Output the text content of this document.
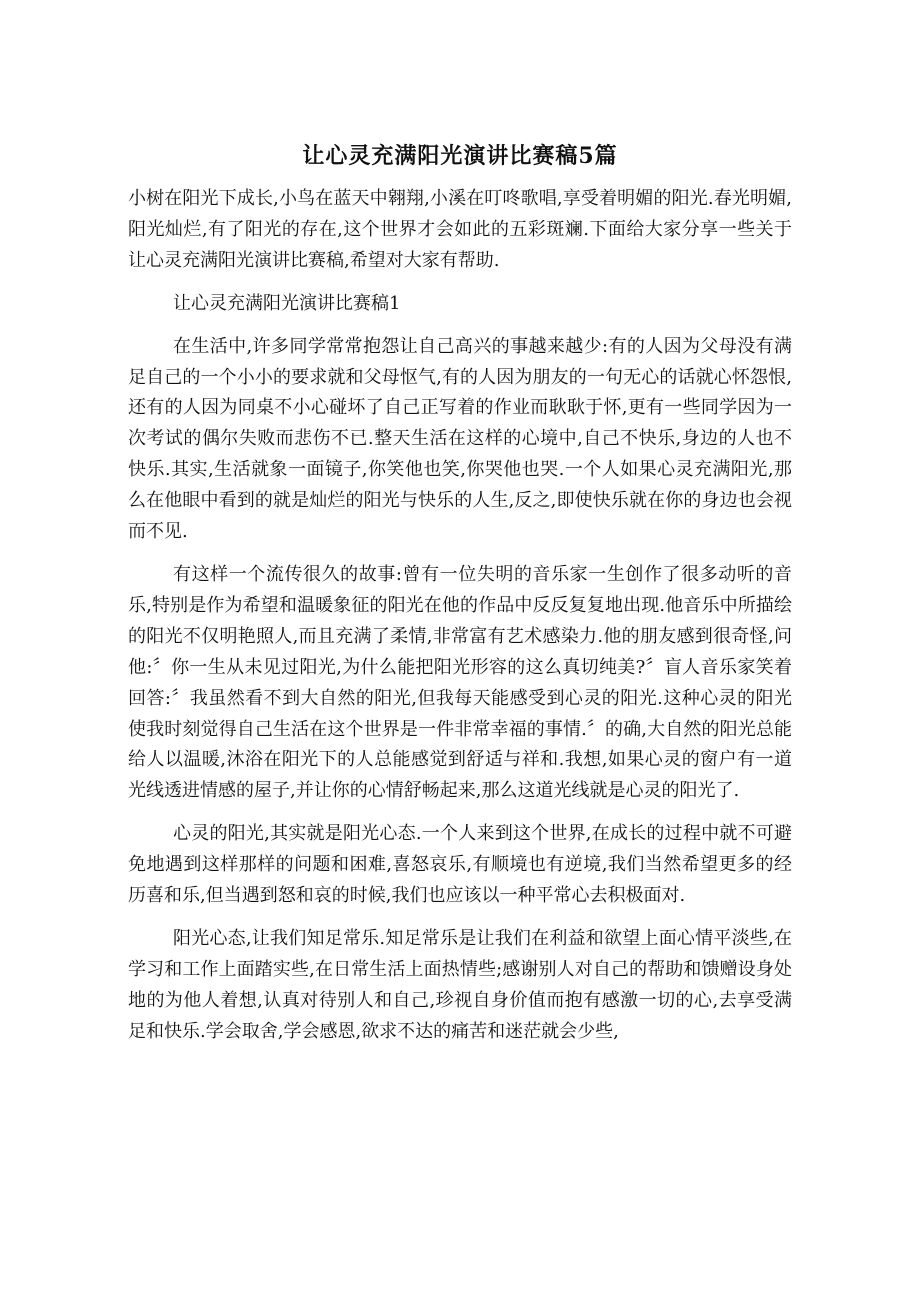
让心灵充满阳光演讲比赛稿5篇

小树在阳光下成长,小鸟在蓝天中翱翔,小溪在叮咚歌唱,享受着明媚的阳光.春光明媚,阳光灿烂,有了阳光的存在,这个世界才会如此的五彩斑斓.下面给大家分享一些关于让心灵充满阳光演讲比赛稿,希望对大家有帮助.

让心灵充满阳光演讲比赛稿1

在生活中,许多同学常常抱怨让自己高兴的事越来越少:有的人因为父母没有满足自己的一个小小的要求就和父母怄气,有的人因为朋友的一句无心的话就心怀怨恨,还有的人因为同桌不小心碰坏了自己正写着的作业而耿耿于怀,更有一些同学因为一次考试的偶尔失败而悲伤不已.整天生活在这样的心境中,自己不快乐,身边的人也不快乐.其实,生活就象一面镜子,你笑他也笑,你哭他也哭.一个人如果心灵充满阳光,那么在他眼中看到的就是灿烂的阳光与快乐的人生,反之,即使快乐就在你的身边也会视而不见.

有这样一个流传很久的故事:曾有一位失明的音乐家一生创作了很多动听的音乐,特别是作为希望和温暖象征的阳光在他的作品中反反复复地出现.他音乐中所描绘的阳光不仅明艳照人,而且充满了柔情,非常富有艺术感染力.他的朋友感到很奇怪,问他:〞你一生从未见过阳光,为什么能把阳光形容的这么真切纯美?〞盲人音乐家笑着回答:〞我虽然看不到大自然的阳光,但我每天能感受到心灵的阳光.这种心灵的阳光使我时刻觉得自己生活在这个世界是一件非常幸福的事情.〞的确,大自然的阳光总能给人以温暖,沐浴在阳光下的人总能感觉到舒适与祥和.我想,如果心灵的窗户有一道光线透进情感的屋子,并让你的心情舒畅起来,那么这道光线就是心灵的阳光了.

心灵的阳光,其实就是阳光心态.一个人来到这个世界,在成长的过程中就不可避免地遇到这样那样的问题和困难,喜怒哀乐,有顺境也有逆境,我们当然希望更多的经历喜和乐,但当遇到怒和哀的时候,我们也应该以一种平常心去积极面对.

阳光心态,让我们知足常乐.知足常乐是让我们在利益和欲望上面心情平淡些,在学习和工作上面踏实些,在日常生活上面热情些;感谢别人对自己的帮助和馈赠设身处地的为他人着想,认真对待别人和自己,珍视自身价值而抱有感激一切的心,去享受满足和快乐.学会取舍,学会感恩,欲求不达的痛苦和迷茫就会少些,
